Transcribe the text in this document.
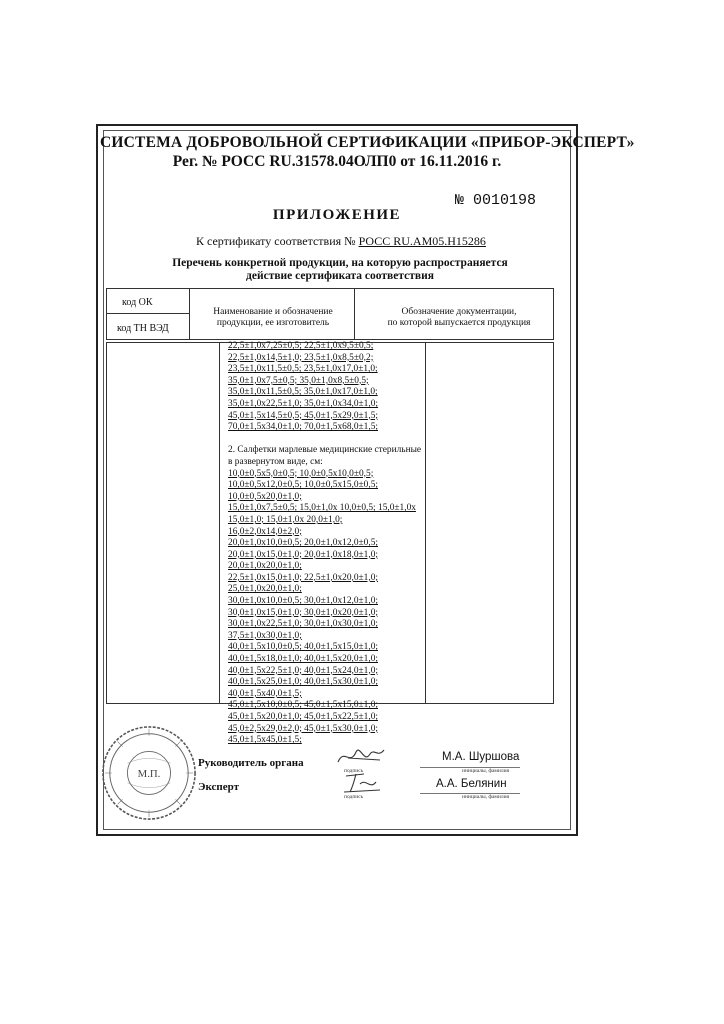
СИСТЕМА ДОБРОВОЛЬНОЙ СЕРТИФИКАЦИИ «ПРИБОР-ЭКСПЕРТ»
Рег. № РОСС RU.31578.04ОЛП0 от 16.11.2016 г.
№ 0010198
ПРИЛОЖЕНИЕ
К сертификату соответствия № РОСС RU.АМ05.Н15286
Перечень конкретной продукции, на которую распространяется
действие сертификата соответствия
код ОК
код ТН ВЭД
Наименование и обозначение
продукции, ее изготовитель
Обозначение документации,
по которой выпускается продукция
22,5±1,0х7,25±0,5; 22,5±1,0х9,5±0,5;
22,5±1,0х14,5±1,0; 23,5±1,0х8,5±0,2;
23,5±1,0х11,5±0,5; 23,5±1,0х17,0±1,0;
35,0±1,0х7,5±0,5; 35,0±1,0х8,5±0,5;
35,0±1,0х11,5±0,5; 35,0±1,0х17,0±1,0;
35,0±1,0х22,5±1,0; 35,0±1,0х34,0±1,0;
45,0±1,5х14,5±0,5; 45,0±1,5х29,0±1,5;
70,0±1,5х34,0±1,0; 70,0±1,5х68,0±1,5;
2. Салфетки марлевые медицинские стерильные в развернутом виде, см:
10,0±0,5х5,0±0,5; 10,0±0,5х10,0±0,5;
10,0±0,5х12,0±0,5; 10,0±0,5х15,0±0,5;
10,0±0,5х20,0±1,0;
15,0±1,0х7,5±0,5; 15,0±1,0х 10,0±0,5; 15,0±1,0х
15,0±1,0; 15,0±1,0х 20,0±1,0;
16,0±2,0х14,0±2,0;
20,0±1,0х10,0±0,5; 20,0±1,0х12,0±0,5;
20,0±1,0х15,0±1,0; 20,0±1,0х18,0±1,0;
20,0±1,0х20,0±1,0;
22,5±1,0х15,0±1,0; 22,5±1,0х20,0±1,0;
25,0±1,0х20,0±1,0;
30,0±1,0х10,0±0,5; 30,0±1,0х12,0±1,0;
30,0±1,0х15,0±1,0; 30,0±1,0х20,0±1,0;
30,0±1,0х22,5±1,0; 30,0±1,0х30,0±1,0;
37,5±1,0х30,0±1,0;
40,0±1,5х10,0±0,5; 40,0±1,5х15,0±1,0;
40,0±1,5х18,0±1,0; 40,0±1,5х20,0±1,0;
40,0±1,5х22,5±1,0; 40,0±1,5х24,0±1,0;
40,0±1,5х25,0±1,0; 40,0±1,5х30,0±1,0;
40,0±1,5х40,0±1,5;
45,0±1,5х10,0±0,5; 45,0±1,5х15,0±1,0;
45,0±1,5х20,0±1,0; 45,0±1,5х22,5±1,0;
45,0±2,5х29,0±2,0; 45,0±1,5х30,0±1,0;
45,0±1,5х45,0±1,5;
М.П.
Руководитель органа
Эксперт
подпись
подпись
М.А. Шуршова
инициалы, фамилия
А.А. Белянин
инициалы, фамилия
